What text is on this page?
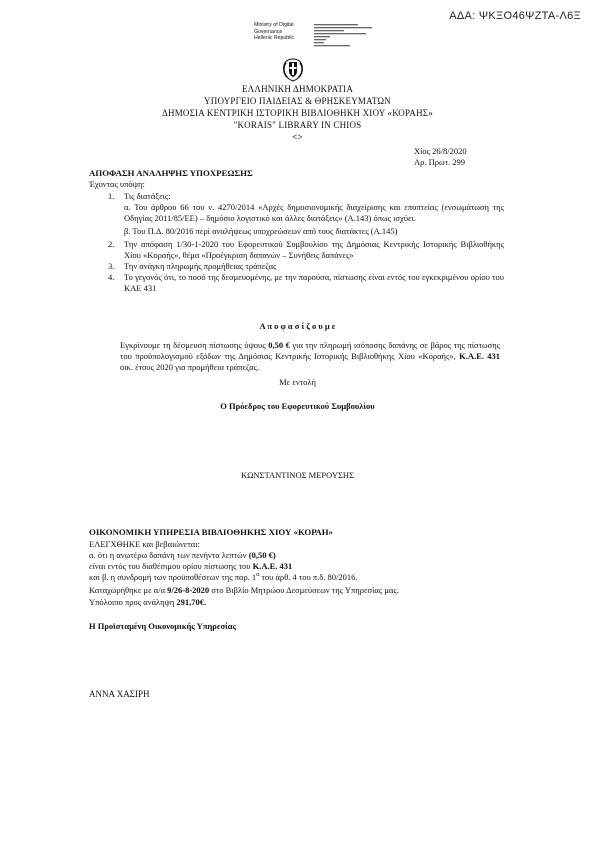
ΑΔΑ: ΨΚΞΟ46ΨΖΤΑ-Λ6Ξ
Ministry of Digital
Governance
Hellenic Republic
ΕΛΛΗΝΙΚΗ ΔΗΜΟΚΡΑΤΙΑ
ΥΠΟΥΡΓΕΙΟ ΠΑΙΔΕΙΑΣ & ΘΡΗΣΚΕΥΜΑΤΩΝ
ΔΗΜΟΣΙΑ ΚΕΝΤΡΙΚΗ ΙΣΤΟΡΙΚΗ ΒΙΒΛΙΟΘΗΚΗ ΧΙΟΥ «ΚΟΡΑΗΣ»
"KORAIS" LIBRARY IN CHIOS
<>
Χίος 26/8/2020
Αρ. Πρωτ. 299
ΑΠΟΦΑΣΗ ΑΝΑΛΗΨΗΣ ΥΠΟΧΡΕΩΣΗΣ
Έχοντας υπόψη:
1.	Τις διατάξεις:
α. Του άρθρου 66 του ν. 4270/2014 «Αρχές δημοσιονομικής διαχείρισης και εποπτείας (ενσωμάτωση της Οδηγίας 2011/85/ΕΕ) – δημόσιο λογιστικό και άλλες διατάξεις» (Α.143) όπως ισχύει.
β. Του Π.Δ. 80/2016 περί αναλήψεως υποχρεώσεων από τους διατάκτες (Α.145)
2.	Την απόφαση 1/30-1-2020 του Εφορευτικού Συμβουλίου της Δημόσιας Κεντρικής Ιστορικής Βιβλιοθήκης Χίου «Κοραής», θέμα «Προέγκριση δαπανών – Συνήθεις δαπάνες»
3.	Την ανάγκη πληρωμής προμήθειας τράπεζας
4.	Το γεγονός ότι, το ποσό της δεσμευομένης, με την παρούσα, πίστωσης είναι εντός του εγκεκριμένου ορίου του ΚΑΕ 431
Α π ο φ α σ ί ζ ο υ μ ε
Εγκρίνουμε τη δέσμευση πίστωσης ύψους 0,50 € για την πληρωμή ισόποσης δαπάνης σε βάρος της πίστωσης του προϋπολογισμού εξόδων της Δημόσιας Κεντρικής Ιστορικής Βιβλιοθήκης Χίου «Κοραής», Κ.Α.Ε. 431 οικ. έτους 2020 για προμήθεια τράπεζας.
Με εντολή
Ο Πρόεδρος του Εφορευτικού Συμβουλίου
ΚΩΝΣΤΑΝΤΙΝΟΣ ΜΕΡΟΥΣΗΣ
ΟΙΚΟΝΟΜΙΚΗ ΥΠΗΡΕΣΙΑ ΒΙΒΛΙΟΘΗΚΗΣ ΧΙΟΥ «ΚΟΡΑΗ»
ΕΛΕΓΧΘΗΚΕ και βεβαιώνεται:
α. ότι η ανωτέρω δαπάνη των πενήντα λεπτών (0,50 €)
είναι εντός του διαθέσιμου ορίου πίστωσης του Κ.Α.Ε. 431
και β. η συνδρομή των προϋποθέσεων της παρ. $1^\alpha$ του άρθ. 4 του π.δ. 80/2016.
Καταχωρήθηκε με α/α 9/26-8-2020 στο Βιβλίο Μητρώου Δεσμεύσεων της Υπηρεσίας μας.
Υπόλοιπο προς ανάληψη 291,70€.
Η Προϊσταμένη Οικονομικής Υπηρεσίας
ΑΝΝΑ ΧΑΣΙΡΗ
